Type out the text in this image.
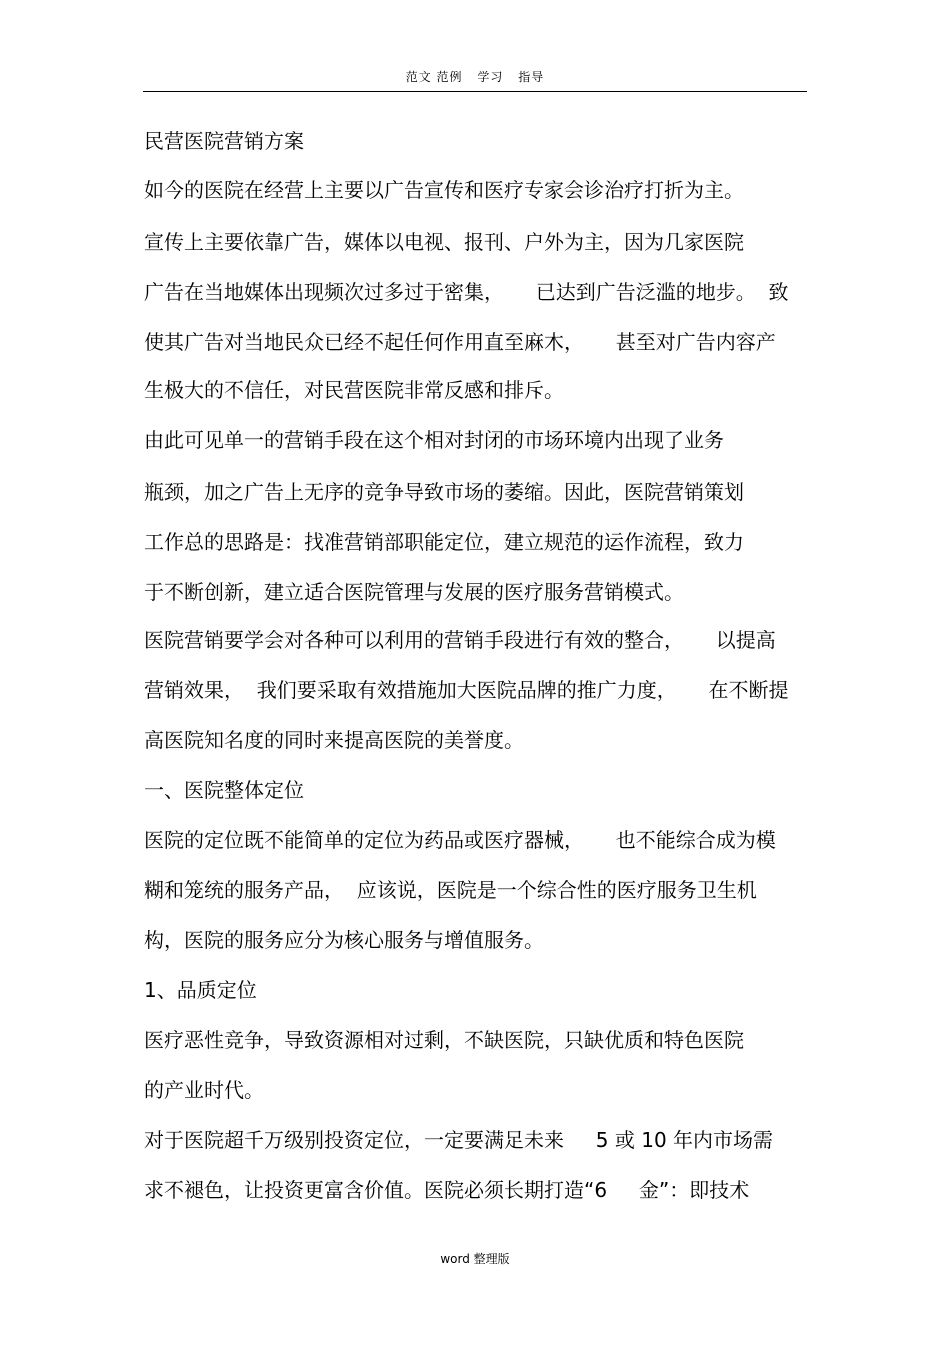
范文 范例 学习 指导
民营医院营销方案
如今的医院在经营上主要以广告宣传和医疗专家会诊治疗打折为主。
宣传上主要依靠广告，媒体以电视、报刊、户外为主，因为几家医院
广告在当地媒体出现频次过多过于密集，     已达到广告泛滥的地步。  致
使其广告对当地民众已经不起任何作用直至麻木，     甚至对广告内容产
生极大的不信任，对民营医院非常反感和排斥。
由此可见单一的营销手段在这个相对封闭的市场环境内出现了业务
瓶颈，加之广告上无序的竞争导致市场的萎缩。因此，医院营销策划
工作总的思路是：找准营销部职能定位，建立规范的运作流程，致力
于不断创新，建立适合医院管理与发展的医疗服务营销模式。
医院营销要学会对各种可以利用的营销手段进行有效的整合，     以提高
营销效果，  我们要采取有效措施加大医院品牌的推广力度，     在不断提
高医院知名度的同时来提高医院的美誉度。
一、医院整体定位
医院的定位既不能简单的定位为药品或医疗器械，     也不能综合成为模
糊和笼统的服务产品，  应该说，医院是一个综合性的医疗服务卫生机
构，医院的服务应分为核心服务与增值服务。
1、品质定位
医疗恶性竞争，导致资源相对过剩，不缺医院，只缺优质和特色医院
的产业时代。
对于医院超千万级别投资定位，一定要满足未来     5 或 10 年内市场需
求不褪色，让投资更富含价值。医院必须长期打造“6     金”：即技术
word 整理版
